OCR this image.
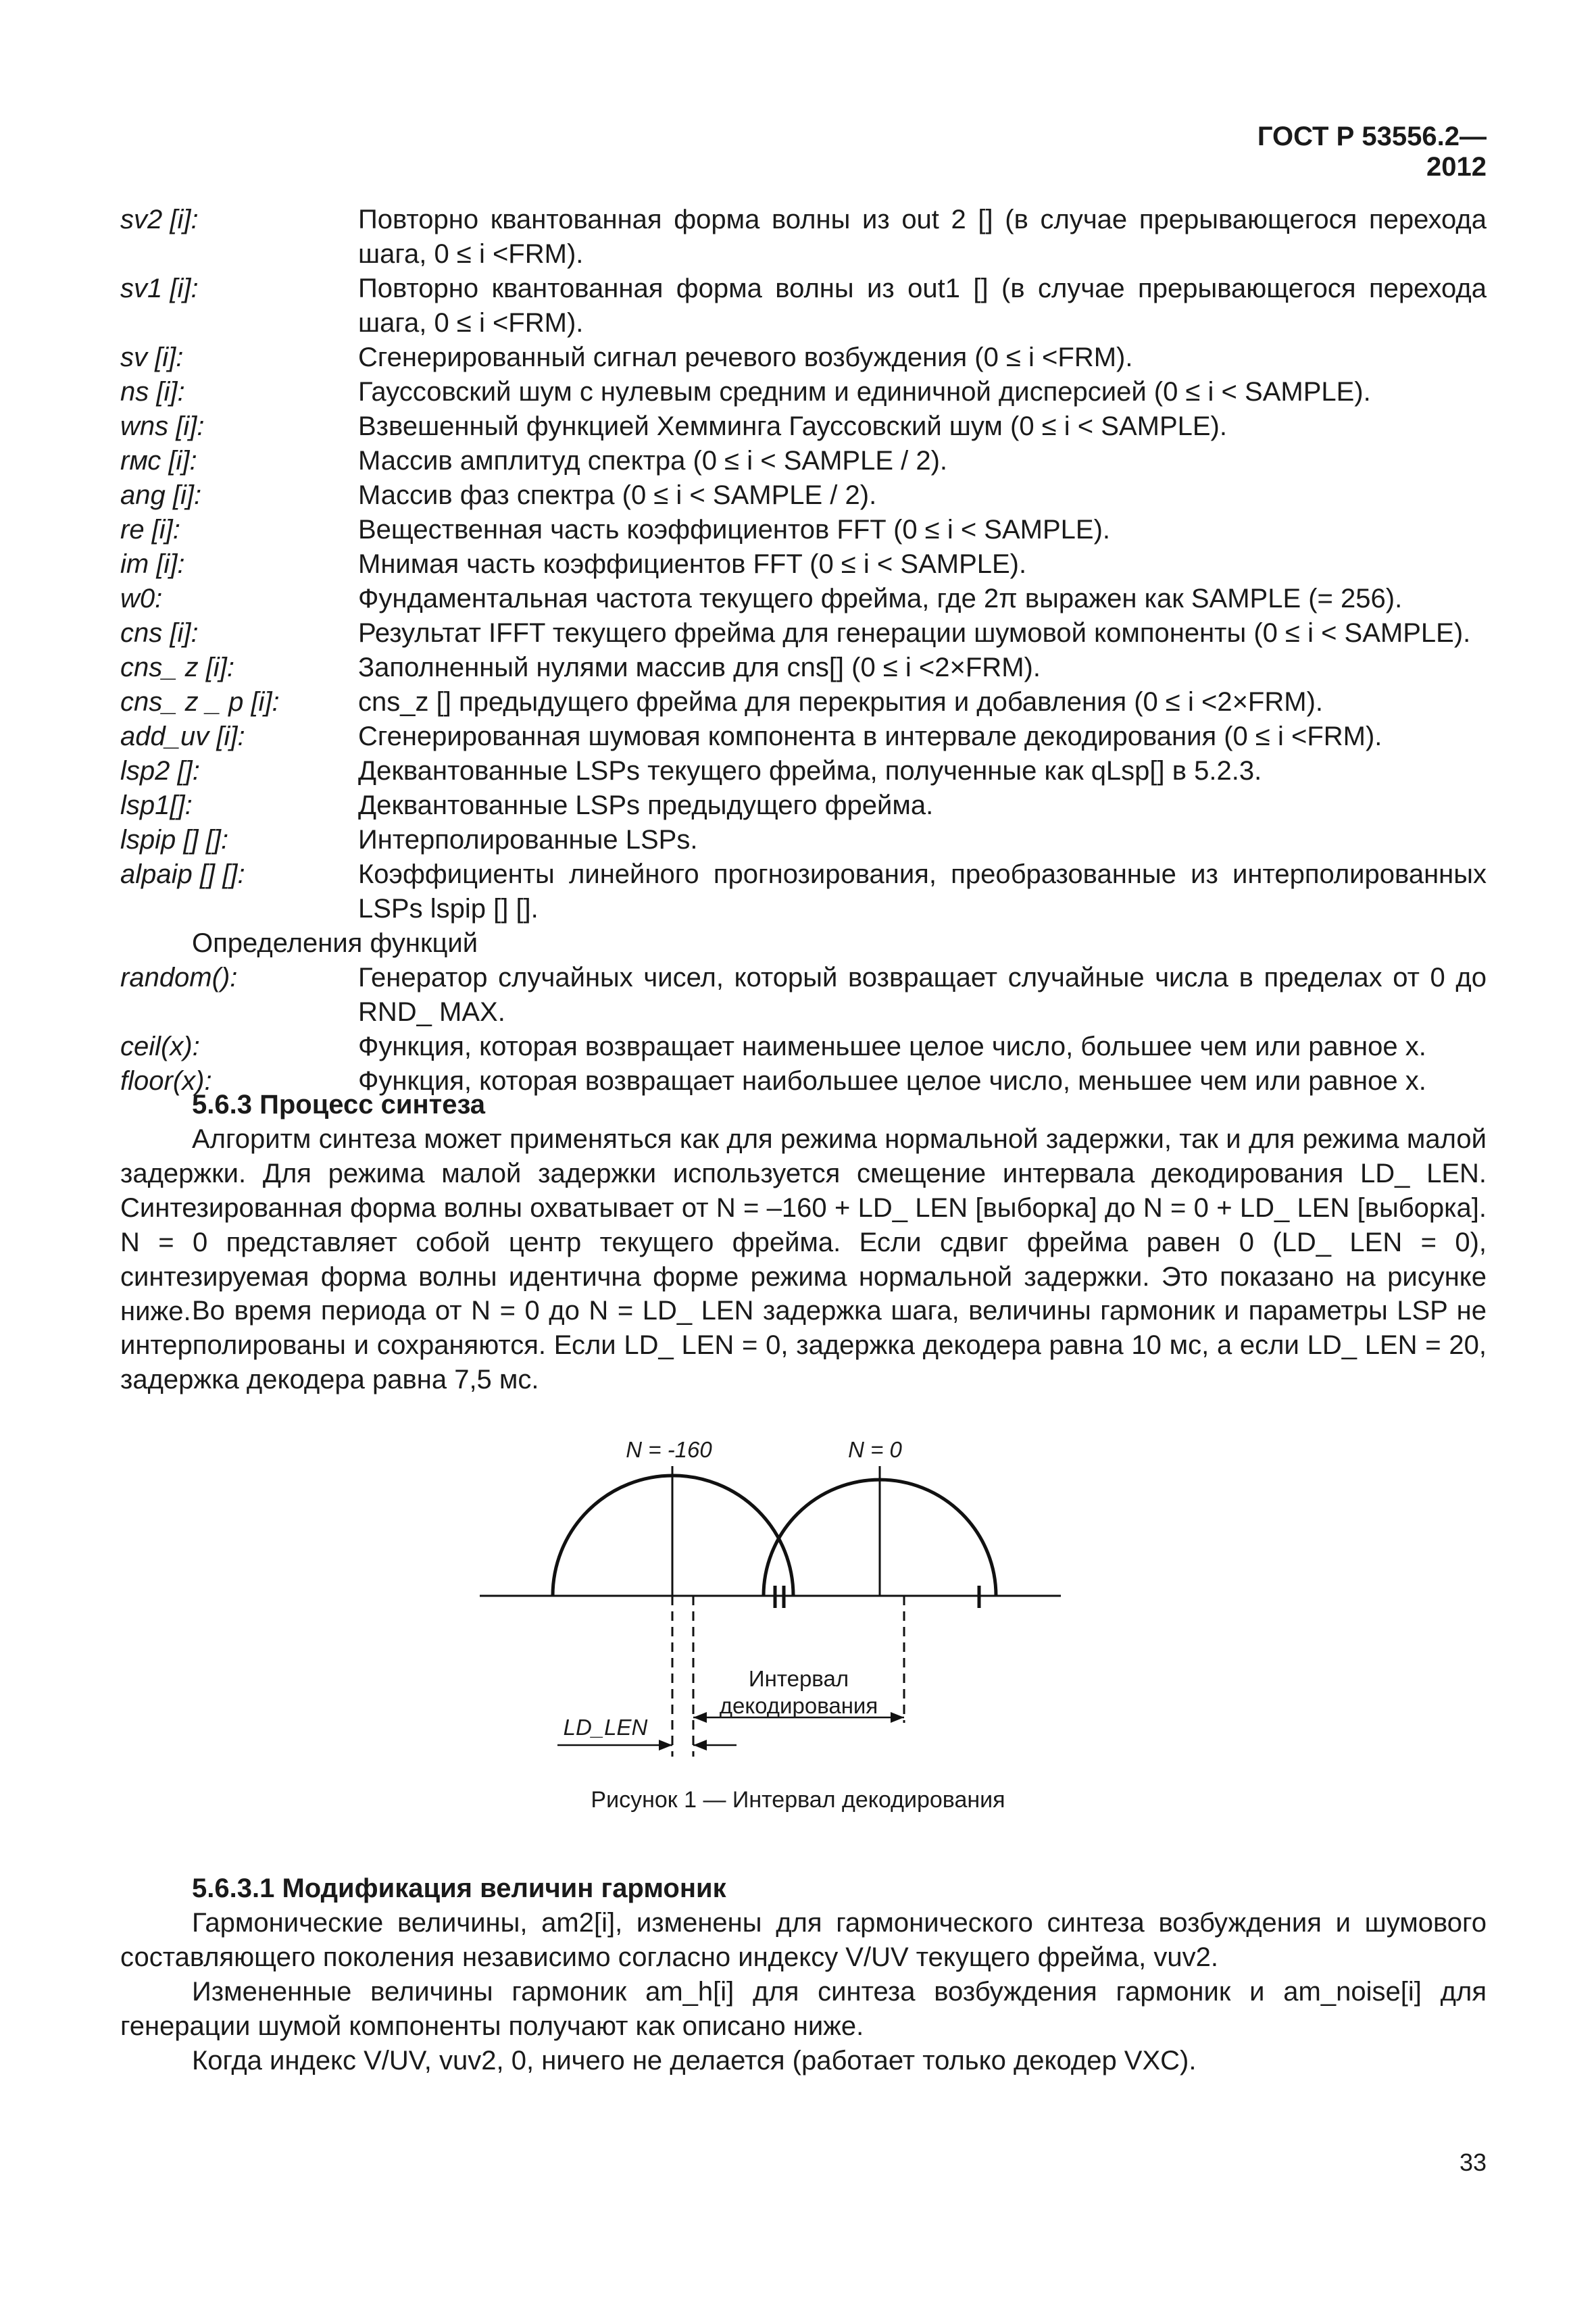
ГОСТ Р 53556.2—2012
sv2 [i]:	Повторно квантованная форма волны из out 2 [] (в случае прерывающегося перехода шага, 0 ≤ i <FRM).
sv1 [i]:	Повторно квантованная форма волны из out1 [] (в случае прерывающегося перехода шага, 0 ≤ i <FRM).
sv [i]:	Сгенерированный сигнал речевого возбуждения (0 ≤ i <FRM).
ns [i]:	Гауссовский шум с нулевым средним и единичной дисперсией (0 ≤ i < SAMPLE).
wns [i]:	Взвешенный функцией Хемминга Гауссовский шум (0 ≤ i < SAMPLE).
rмс [i]:	Массив амплитуд спектра (0 ≤ i < SAMPLE / 2).
ang [i]:	Массив фаз спектра (0 ≤ i < SAMPLE / 2).
re [i]:	Вещественная часть коэффициентов FFT (0 ≤ i < SAMPLE).
im [i]:	Мнимая часть коэффициентов FFT (0 ≤ i < SAMPLE).
w0:	Фундаментальная частота текущего фрейма, где 2π выражен как SAMPLE (= 256).
cns [i]:	Результат IFFT текущего фрейма для генерации шумовой компоненты (0 ≤ i < SAMPLE).
cns_ z [i]:	Заполненный нулями массив для cns[] (0 ≤ i <2×FRM).
cns_ z _ p [i]:	cns_z [] предыдущего фрейма для перекрытия и добавления (0 ≤ i <2×FRM).
add_uv [i]:	Сгенерированная шумовая компонента в интервале декодирования (0 ≤ i <FRM).
lsp2 []:	Деквантованные LSPs текущего фрейма, полученные как qLsp[] в 5.2.3.
lsp1[]:	Деквантованные LSPs предыдущего фрейма.
lspip [] []:	Интерполированные LSPs.
alpaip [] []:	Коэффициенты линейного прогнозирования, преобразованные из интерполированных LSPs lspip [] [].
Определения функций
random():	Генератор случайных чисел, который возвращает случайные числа в пределах от 0 до RND_ MAX.
ceil(x):	Функция, которая возвращает наименьшее целое число, большее чем или равное x.
floor(x):	Функция, которая возвращает наибольшее целое число, меньшее чем или равное x.
5.6.3 Процесс синтеза
Алгоритм синтеза может применяться как для режима нормальной задержки, так и для режима малой задержки. Для режима малой задержки используется смещение интервала декодирования LD_ LEN. Синтезированная форма волны охватывает от N = –160 + LD_ LEN [выборка] до N = 0 + LD_ LEN [выборка]. N = 0 представляет собой центр текущего фрейма. Если сдвиг фрейма равен 0 (LD_ LEN = 0), синтезируемая форма волны идентична форме режима нормальной задержки. Это показано на рисунке ниже. Во время периода от N = 0 до N = LD_ LEN задержка шага, величины гармоник и параметры LSP не интерполированы и сохраняются. Если LD_ LEN = 0, задержка декодера равна 10 мс, а если LD_ LEN = 20, задержка декодера равна 7,5 мс.
N = -160	N = 0
Интервал
декодирования
LD_LEN
Рисунок 1 — Интервал декодирования
5.6.3.1 Модификация величин гармоник
Гармонические величины, am2[i], изменены для гармонического синтеза возбуждения и шумового составляющего поколения независимо согласно индексу V/UV текущего фрейма, vuv2.
Измененные величины гармоник am_h[i] для синтеза возбуждения гармоник и am_noise[i] для генерации шумой компоненты получают как описано ниже.
Когда индекс V/UV, vuv2, 0, ничего не делается (работает только декодер VXC).
33
